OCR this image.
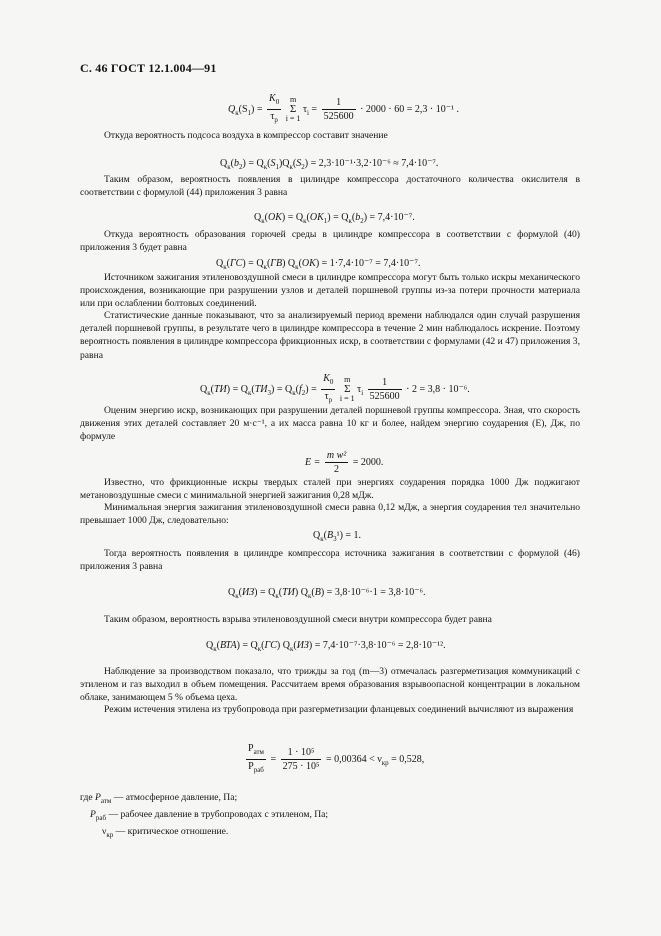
С. 46 ГОСТ 12.1.004—91
$Q_к(S_1) = \frac{K_0}{\tau_р}$ m
Σ
i = 1 $\tau_i = \frac{1}{525600} \cdot 2000 \cdot 60 = 2,3 \cdot 10^{-1}$ .
Откуда вероятность подсоса воздуха в компрессор составит значение
$Q_к(b_2) = Q_к(S_1)Q_к(S_2) = 2,3\cdot 10^{-1}\cdot 3,2\cdot 10^{-6} \approx 7,4\cdot 10^{-7}$.
Таким образом, вероятность появления в цилиндре компрессора достаточного количества окислителя в соответствии с формулой (44) приложения 3 равна
$Q_к(OK) = Q_к(OK_1) = Q_к(b_2) = 7,4\cdot 10^{-7}$.
Откуда вероятность образования горючей среды в цилиндре компрессора в соответствии с формулой (40) приложения 3 будет равна
$Q_к(ГС) = Q_к(ГВ) Q_к(OK) = 1\cdot 7,4\cdot 10^{-7} = 7,4\cdot 10^{-7}$.
Источником зажигания этиленовоздушной смеси в цилиндре компрессора могут быть только искры механического происхождения, возникающие при разрушении узлов и деталей поршневой группы из-за потери прочности материала или при ослаблении болтовых соединений.
Статистические данные показывают, что за анализируемый период времени наблюдался один случай разрушения деталей поршневой группы, в результате чего в цилиндре компрессора в течение 2 мин наблюдалось искрение. Поэтому вероятность появления в цилиндре компрессора фрикционных искр, в соответствии с формулами (42 и 47) приложения 3, равна
$Q_к(ТИ) = Q_к(ТИ_3) = Q_к(f_2) = \frac{K_0}{\tau_р}$ m
Σ
i = 1 $\tau_i \frac{1}{525600} \cdot 2 = 3,8 \cdot 10^{-6}$.
Оценим энергию искр, возникающих при разрушении деталей поршневой группы компрессора. Зная, что скорость движения этих деталей составляет 20 м·с⁻¹, а их масса равна 10 кг и более, найдем энергию соударения (E), Дж, по формуле
$E = \frac{\text{m w²}}{2} = 2000$.
Известно, что фрикционные искры твердых сталей при энергиях соударения порядка 1000 Дж поджигают метановоздушные смеси с минимальной энергией зажигания 0,28 мДж.
Минимальная энергия зажигания этиленовоздушной смеси равна 0,12 мДж, а энергия соударения тел значительно превышает 1000 Дж, следовательно:
$Q_к(B_3^1) = 1$.
Тогда вероятность появления в цилиндре компрессора источника зажигания в соответствии с формулой (46) приложения 3 равна
$Q_к(ИЗ) = Q_к(ТИ) Q_к(В) = 3,8\cdot 10^{-6}\cdot 1 = 3,8\cdot 10^{-6}$.
Таким образом, вероятность взрыва этиленовоздушной смеси внутри компрессора будет равна
$Q_к(ВТА) = Q_к(ГС) Q_к(ИЗ) = 7,4\cdot 10^{-7}\cdot 3,8\cdot 10^{-6} = 2,8\cdot 10^{-12}$.
Наблюдение за производством показало, что трижды за год (m—3) отмечалась разгерметизация коммуникаций с этиленом и газ выходил в объем помещения. Рассчитаем время образования взрывоопасной концентрации в локальном облаке, занимающем 5 % объема цеха.
Режим истечения этилена из трубопровода при разгерметизации фланцевых соединений вычисляют из выражения
$\frac{P_{атм}}{P_{раб}} = \frac{\text{1 · 10⁵}}{\text{275 · 10⁵}} = 0,00364 < \nu_{кр} = 0,528$,
где $P_{атм}$ — атмосферное давление, Па;
$P_{раб}$ — рабочее давление в трубопроводах с этиленом, Па;
$\nu_{кр}$ — критическое отношение.
